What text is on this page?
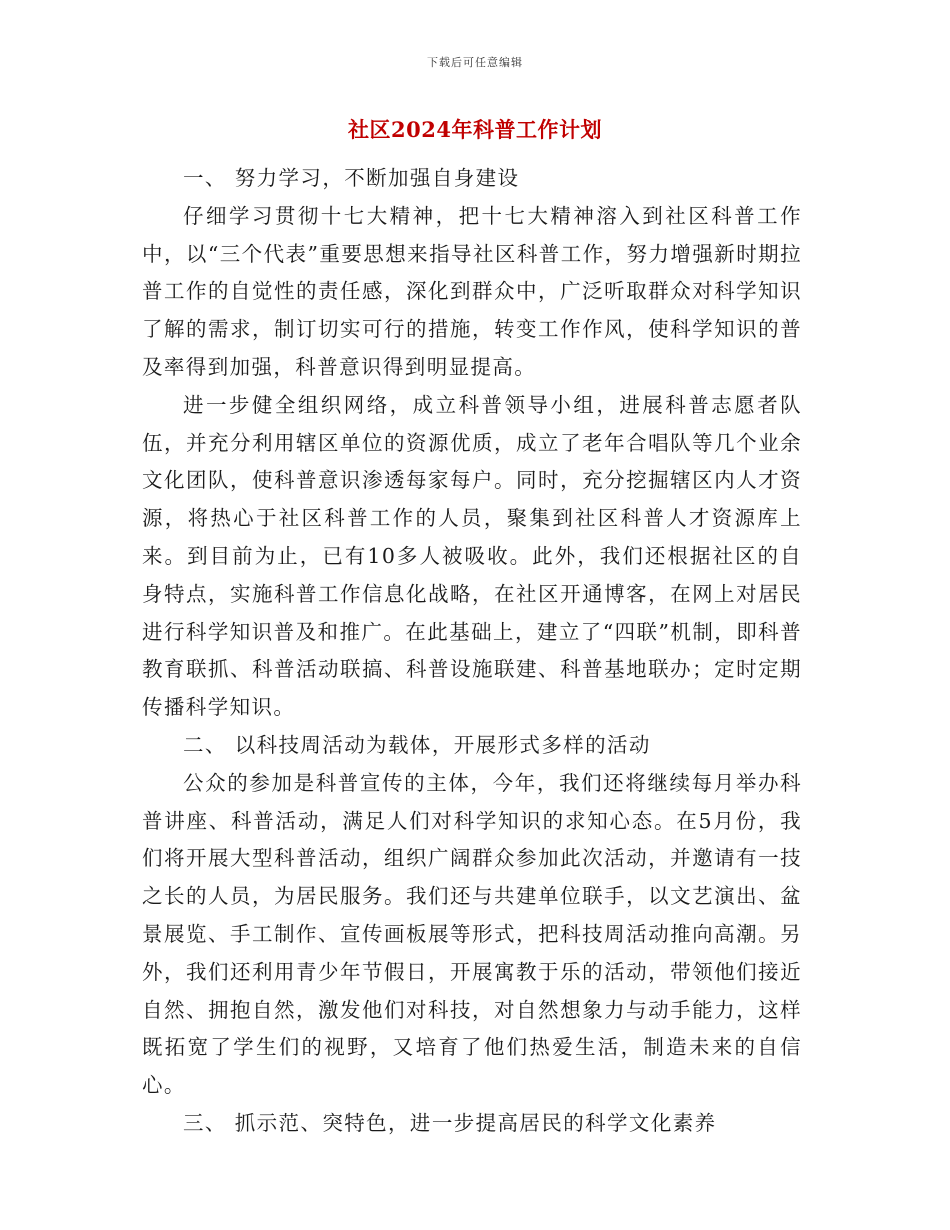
下载后可任意编辑
社区2024年科普工作计划

一、 努力学习，不断加强自身建设

仔细学习贯彻十七大精神，把十七大精神溶入到社区科普工作中，以“三个代表”重要思想来指导社区科普工作，努力增强新时期拉普工作的自觉性的责任感，深化到群众中，广泛听取群众对科学知识了解的需求，制订切实可行的措施，转变工作作风，使科学知识的普及率得到加强，科普意识得到明显提高。

进一步健全组织网络，成立科普领导小组，进展科普志愿者队伍，并充分利用辖区单位的资源优质，成立了老年合唱队等几个业余文化团队，使科普意识渗透每家每户。同时，充分挖掘辖区内人才资源，将热心于社区科普工作的人员，聚集到社区科普人才资源库上来。到目前为止，已有10多人被吸收。此外，我们还根据社区的自身特点，实施科普工作信息化战略，在社区开通博客，在网上对居民进行科学知识普及和推广。在此基础上，建立了“四联”机制，即科普教育联抓、科普活动联搞、科普设施联建、科普基地联办；定时定期传播科学知识。

二、 以科技周活动为载体，开展形式多样的活动

公众的参加是科普宣传的主体，今年，我们还将继续每月举办科普讲座、科普活动，满足人们对科学知识的求知心态。在5月份，我们将开展大型科普活动，组织广阔群众参加此次活动，并邀请有一技之长的人员，为居民服务。我们还与共建单位联手，以文艺演出、盆景展览、手工制作、宣传画板展等形式，把科技周活动推向高潮。另外，我们还利用青少年节假日，开展寓教于乐的活动，带领他们接近自然、拥抱自然，激发他们对科技，对自然想象力与动手能力，这样既拓宽了学生们的视野，又培育了他们热爱生活，制造未来的自信心。

三、 抓示范、突特色，进一步提高居民的科学文化素养
